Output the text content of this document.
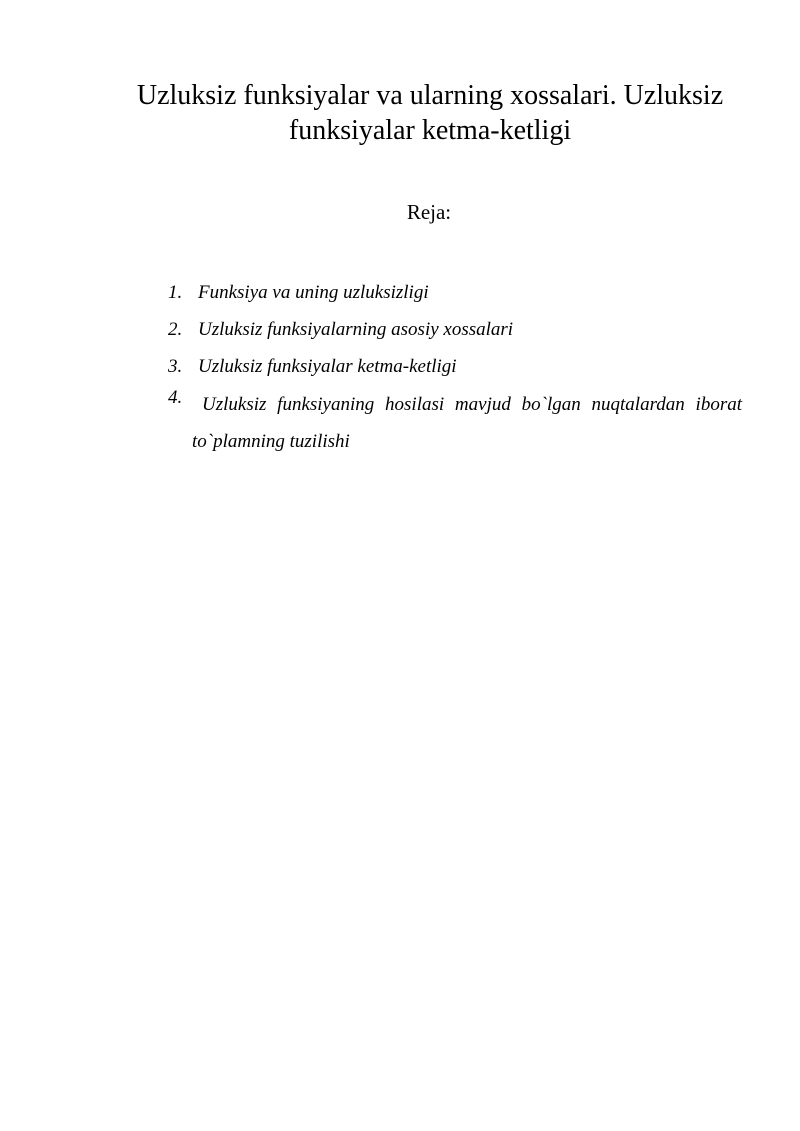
Uzluksiz funksiyalar va ularning xossalari. Uzluksiz funksiyalar ketma-ketligi

Reja:

1. Funksiya va uning uzluksizligi
2. Uzluksiz funksiyalarning asosiy xossalari
3. Uzluksiz funksiyalar ketma-ketligi
4.	Uzluksiz funksiyaning hosilasi mavjud bo`lgan nuqtalardan iborat to`plamning tuzilishi
